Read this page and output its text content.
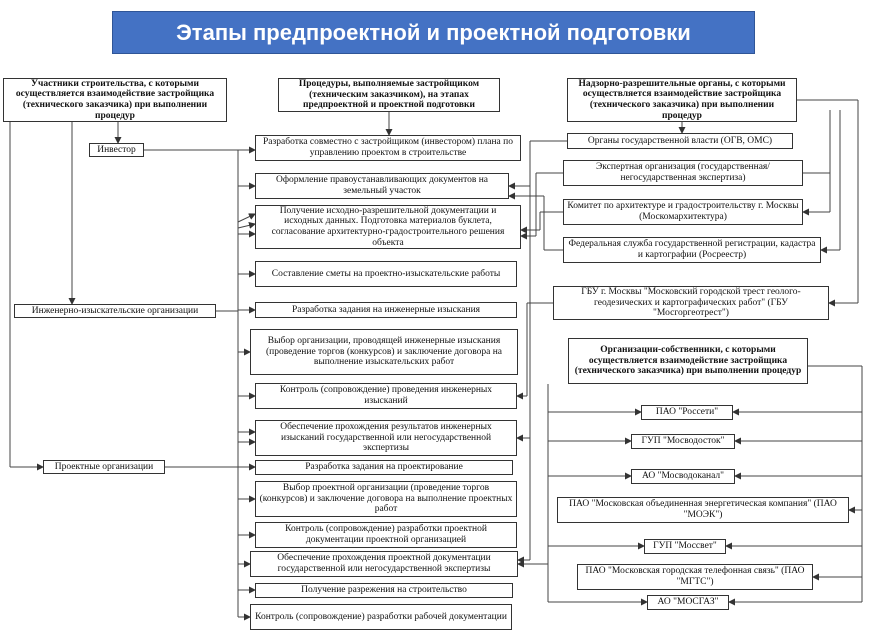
Этапы предпроектной и проектной подготовки
Участники строительства, с которыми осуществляется взаимодействие застройщика (технического заказчика) при выполнении процедур
Процедуры, выполняемые застройщиком (техническим заказчиком), на этапах предпроектной и проектной подготовки
Надзорно-разрешительные органы, с которыми осуществляется взаимодействие застройщика (технического заказчика) при выполнении процедур
Организации-собственники, с которыми осуществляется взаимодействие застройщика (технического заказчика) при выполнении процедур
Инвестор
Инженерно-изыскательские организации
Проектные организации
Разработка совместно с застройщиком (инвестором) плана по управлению проектом в строительстве
Оформление правоустанавливающих документов на земельный участок
Получение исходно-разрешительной документации и исходных данных. Подготовка материалов буклета, согласование архитектурно-градостроительного решения объекта
Составление сметы на проектно-изыскательские работы
Разработка задания на инженерные изыскания
Выбор организации, проводящей инженерные изыскания (проведение торгов (конкурсов) и заключение договора на выполнение изыскательских работ
Контроль (сопровождение) проведения инженерных изысканий
Обеспечение прохождения результатов инженерных изысканий государственной или негосударственной экспертизы
Разработка задания на проектирование
Выбор проектной организации (проведение торгов (конкурсов) и заключение договора на выполнение проектных работ
Контроль (сопровождение) разработки проектной документации проектной организацией
Обеспечение прохождения проектной документации государственной или негосударственной экспертизы
Получение разрежения на строительство
Контроль (сопровождение) разработки рабочей документации
Органы государственной власти (ОГВ, ОМС)
Экспертная организация (государственная/негосударственная экспертиза)
Комитет по архитектуре и градостроительству г. Москвы (Москомархитектура)
Федеральная служба государственной регистрации, кадастра и картографии (Росреестр)
ГБУ г. Москвы "Московский городской трест геолого-геодезических и картографических работ" (ГБУ "Мосгоргеотрест")
ПАО "Россети"
ГУП "Мосводосток"
АО "Мосводоканал"
ПАО "Московская объединенная энергетическая компания" (ПАО "МОЭК")
ГУП "Моссвет"
ПАО "Московская городская телефонная связь" (ПАО "МГТС")
АО "МОСГАЗ"
